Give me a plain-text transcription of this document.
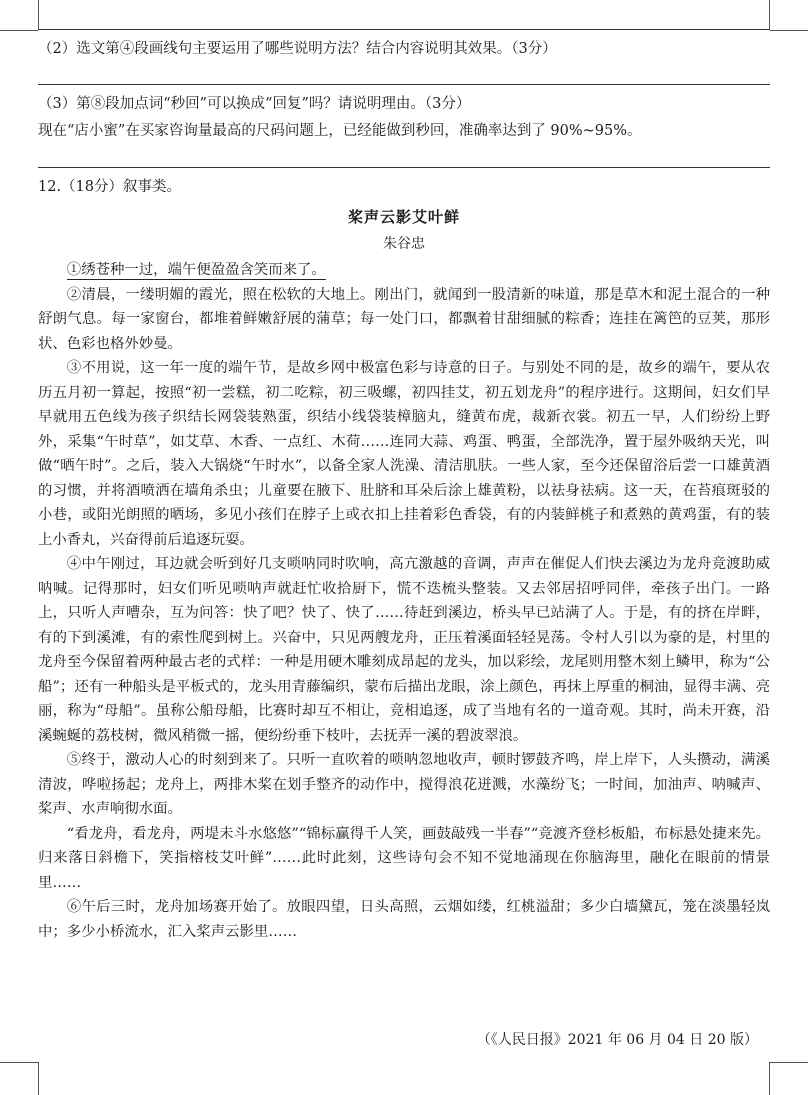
（2）选文第④段画线句主要运用了哪些说明方法？结合内容说明其效果。（3分）
（3）第⑧段加点词“秒回”可以换成“回复”吗？请说明理由。（3分）
现在“店小蜜”在买家咨询量最高的尺码问题上，已经能做到秒回，准确率达到了 90%~95%。
12.（18分）叙事类。
桨声云影艾叶鲜
朱谷忠

①绣苍种一过，端午便盈盈含笑而来了。

②清晨，一缕明媚的霞光，照在松软的大地上。刚出门，就闻到一股清新的味道，那是草木和泥土混合的一种舒朗气息。每一家窗台，都堆着鲜嫩舒展的蒲草；每一处门口，都飘着甘甜细腻的粽香；连挂在篱笆的豆荚，那形状、色彩也格外妙曼。

③不用说，这一年一度的端午节，是故乡网中极富色彩与诗意的日子。与别处不同的是，故乡的端午，要从农历五月初一算起，按照“初一尝糕，初二吃粽，初三吸螺，初四挂艾，初五划龙舟”的程序进行。这期间，妇女们早早就用五色线为孩子织结长网袋装熟蛋，织结小线袋装樟脑丸，缝黄布虎，裁新衣裳。初五一早，人们纷纷上野外，采集“午时草”，如艾草、木香、一点红、木荷……连同大蒜、鸡蛋、鸭蛋，全部洗净，置于屋外吸纳天光，叫做“晒午时”。之后，装入大锅烧“午时水”，以备全家人洗澡、清洁肌肤。一些人家，至今还保留浴后尝一口雄黄酒的习惯，并将酒喷洒在墙角杀虫；儿童要在腋下、肚脐和耳朵后涂上雄黄粉，以祛身祛病。这一天，在苔痕斑驳的小巷，或阳光朗照的晒场，多见小孩们在脖子上或衣扣上挂着彩色香袋，有的内装鲜桃子和煮熟的黄鸡蛋，有的装上小香丸，兴奋得前后追逐玩耍。

④中午刚过，耳边就会听到好几支唢呐同时吹响，高亢激越的音调，声声在催促人们快去溪边为龙舟竞渡助威呐喊。记得那时，妇女们听见唢呐声就赶忙收拾厨下，慌不迭梳头整装。又去邻居招呼同伴，牵孩子出门。一路上，只听人声嘈杂，互为问答：快了吧？快了、快了……待赶到溪边，桥头早已站满了人。于是，有的挤在岸畔，有的下到溪滩，有的索性爬到树上。兴奋中，只见两艘龙舟，正压着溪面轻轻晃荡。令村人引以为豪的是，村里的龙舟至今保留着两种最古老的式样：一种是用硬木雕刻成昂起的龙头，加以彩绘，龙尾则用整木刻上鳞甲，称为“公船”；还有一种船头是平板式的，龙头用青藤编织，蒙布后描出龙眼，涂上颜色，再抹上厚重的桐油，显得丰满、亮丽，称为“母船”。虽称公船母船，比赛时却互不相让，竞相追逐，成了当地有名的一道奇观。其时，尚未开赛，沿溪蜿蜒的荔枝树，微风稍微一摇，便纷纷垂下枝叶，去抚弄一溪的碧波翠浪。

⑤终于，激动人心的时刻到来了。只听一直吹着的唢呐忽地收声，顿时锣鼓齐鸣，岸上岸下，人头攒动，满溪清波，哗啦扬起；龙舟上，两排木桨在划手整齐的动作中，搅得浪花迸溅，水藻纷飞；一时间，加油声、呐喊声、桨声、水声响彻水面。

“看龙舟，看龙舟，两堤未斗水悠悠”“锦标赢得千人笑，画鼓敲残一半春”“竞渡齐登杉板船，布标悬处捷来先。归来落日斜檐下，笑指榕枝艾叶鲜”……此时此刻，这些诗句会不知不觉地涌现在你脑海里，融化在眼前的情景里……

⑥午后三时，龙舟加场赛开始了。放眼四望，日头高照，云烟如缕，红桃溢甜；多少白墙黛瓦，笼在淡墨轻岚中；多少小桥流水，汇入桨声云影里……

（《人民日报》2021 年 06 月 04 日 20 版）
